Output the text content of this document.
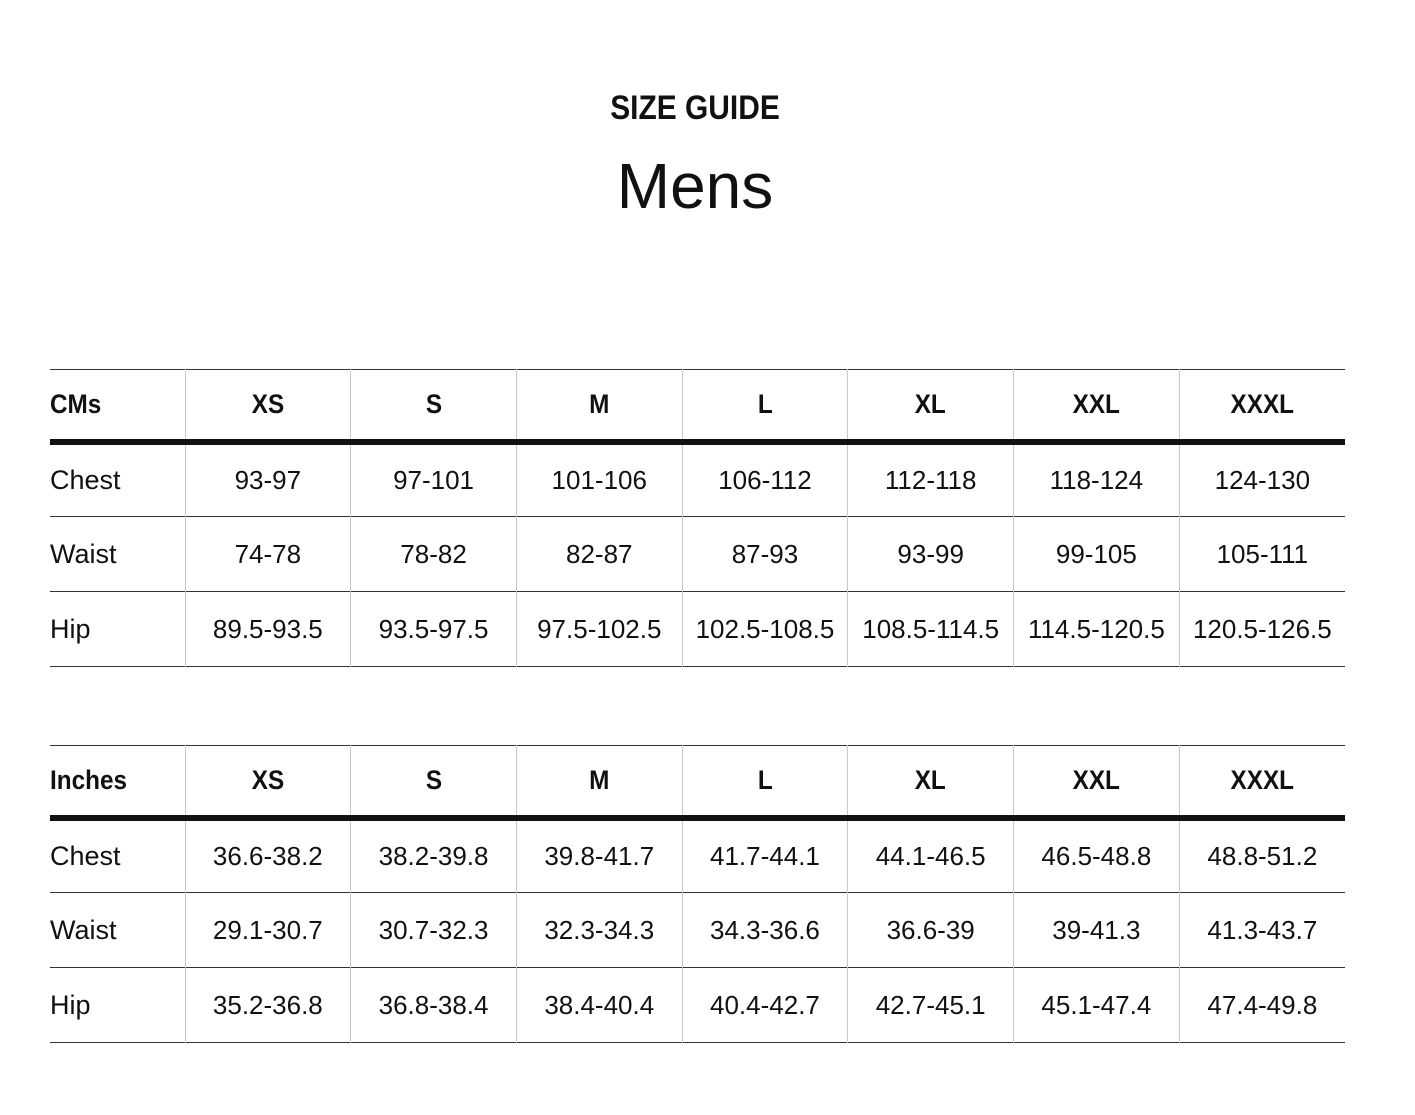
SIZE GUIDE
Mens
CMs	XS	S	M	L	XL	XXL	XXXL
Chest	93-97	97-101	101-106	106-112	112-118	118-124	124-130
Waist	74-78	78-82	82-87	87-93	93-99	99-105	105-111
Hip	89.5-93.5	93.5-97.5	97.5-102.5	102.5-108.5	108.5-114.5	114.5-120.5	120.5-126.5
Inches	XS	S	M	L	XL	XXL	XXXL
Chest	36.6-38.2	38.2-39.8	39.8-41.7	41.7-44.1	44.1-46.5	46.5-48.8	48.8-51.2
Waist	29.1-30.7	30.7-32.3	32.3-34.3	34.3-36.6	36.6-39	39-41.3	41.3-43.7
Hip	35.2-36.8	36.8-38.4	38.4-40.4	40.4-42.7	42.7-45.1	45.1-47.4	47.4-49.8
